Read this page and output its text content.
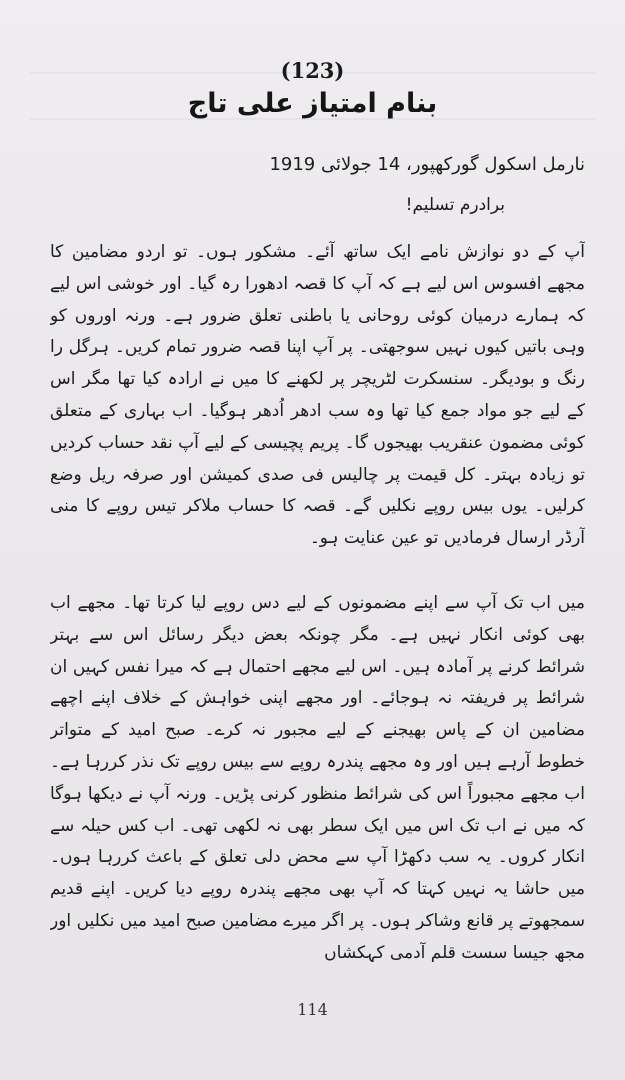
(123)
بنام امتیاز علی تاج
نارمل اسکول گورکھپور، 14 جولائی 1919
برادرم تسلیم!
آپ کے دو نوازش نامے ایک ساتھ آئے۔ مشکور ہوں۔ تو اردو مضامین کا مجھے افسوس اس لیے ہے کہ آپ کا قصہ ادھورا رہ گیا۔ اور خوشی اس لیے کہ ہمارے درمیان کوئی روحانی یا باطنی تعلق ضرور ہے۔ ورنہ اوروں کو وہی باتیں کیوں نہیں سوجھتی۔ پر آپ اپنا قصہ ضرور تمام کریں۔ ہرگل را رنگ و بودیگر۔ سنسکرت لٹریچر پر لکھنے کا میں نے ارادہ کیا تھا مگر اس کے لیے جو مواد جمع کیا تھا وہ سب ادھر اُدھر ہوگیا۔ اب بہاری کے متعلق کوئی مضمون عنقریب بھیجوں گا۔ پریم پچیسی کے لیے آپ نقد حساب کردیں تو زیادہ بہتر۔ کل قیمت پر چالیس فی صدی کمیشن اور صرفہ ریل وضع کرلیں۔ یوں بیس روپے نکلیں گے۔ قصہ کا حساب ملاکر تیس روپے کا منی آرڈر ارسال فرمادیں تو عین عنایت ہو۔
میں اب تک آپ سے اپنے مضمونوں کے لیے دس روپے لیا کرتا تھا۔ مجھے اب بھی کوئی انکار نہیں ہے۔ مگر چونکہ بعض دیگر رسائل اس سے بہتر شرائط کرنے پر آمادہ ہیں۔ اس لیے مجھے احتمال ہے کہ میرا نفس کہیں ان شرائط پر فریفتہ نہ ہوجائے۔ اور مجھے اپنی خواہش کے خلاف اپنے اچھے مضامین ان کے پاس بھیجنے کے لیے مجبور نہ کرے۔ صبح امید کے متواتر خطوط آرہے ہیں اور وہ مجھے پندرہ روپے سے بیس روپے تک نذر کررہا ہے۔ اب مجھے مجبوراً اس کی شرائط منظور کرنی پڑیں۔ ورنہ آپ نے دیکھا ہوگا کہ میں نے اب تک اس میں ایک سطر بھی نہ لکھی تھی۔ اب کس حیلہ سے انکار کروں۔ یہ سب دکھڑا آپ سے محض دلی تعلق کے باعث کررہا ہوں۔ میں حاشا یہ نہیں کہتا کہ آپ بھی مجھے پندرہ روپے دیا کریں۔ اپنے قدیم سمجھوتے پر قانع وشاکر ہوں۔ پر اگر میرے مضامین صبح امید میں نکلیں اور مجھ جیسا سست قلم آدمی کہکشاں
114
